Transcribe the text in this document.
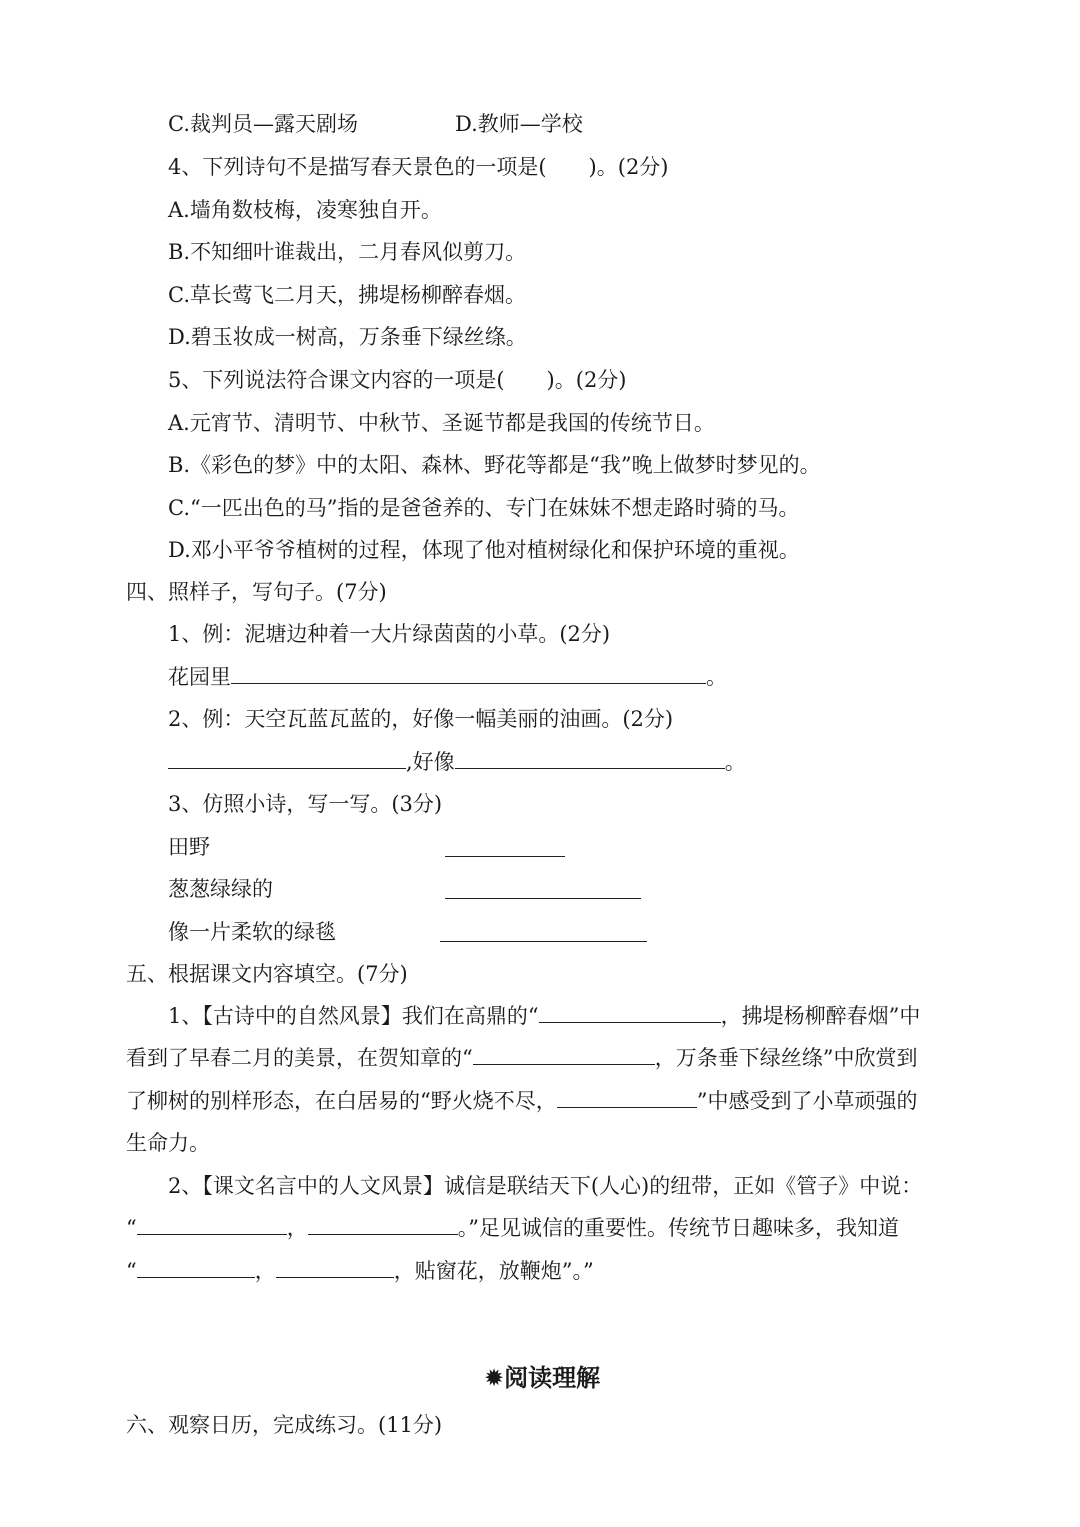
C.裁判员—露天剧场	D.教师—学校
4、下列诗句不是描写春天景色的一项是(　　)。(2分)
A.墙角数枝梅，凌寒独自开。
B.不知细叶谁裁出，二月春风似剪刀。
C.草长莺飞二月天，拂堤杨柳醉春烟。
D.碧玉妆成一树高，万条垂下绿丝绦。
5、下列说法符合课文内容的一项是(　　)。(2分)
A.元宵节、清明节、中秋节、圣诞节都是我国的传统节日。
B.《彩色的梦》中的太阳、森林、野花等都是“我”晚上做梦时梦见的。
C.“一匹出色的马”指的是爸爸养的、专门在妹妹不想走路时骑的马。
D.邓小平爷爷植树的过程，体现了他对植树绿化和保护环境的重视。
四、照样子，写句子。(7分)
1、例：泥塘边种着一大片绿茵茵的小草。(2分)
花园里	。
2、例：天空瓦蓝瓦蓝的，好像一幅美丽的油画。(2分)
,好像	。
3、仿照小诗，写一写。(3分)
田野
葱葱绿绿的
像一片柔软的绿毯
五、根据课文内容填空。(7分)
1、【古诗中的自然风景】我们在高鼎的“	，拂堤杨柳醉春烟”中
看到了早春二月的美景，在贺知章的“	，万条垂下绿丝绦”中欣赏到
了柳树的别样形态，在白居易的“野火烧不尽，	”中感受到了小草顽强的
生命力。
2、【课文名言中的人文风景】诚信是联结天下(人心)的纽带，正如《管子》中说：
“	，	。”足见诚信的重要性。传统节日趣味多，我知道
“	，	，贴窗花，放鞭炮”。”
✹阅读理解
六、观察日历，完成练习。(11分)
